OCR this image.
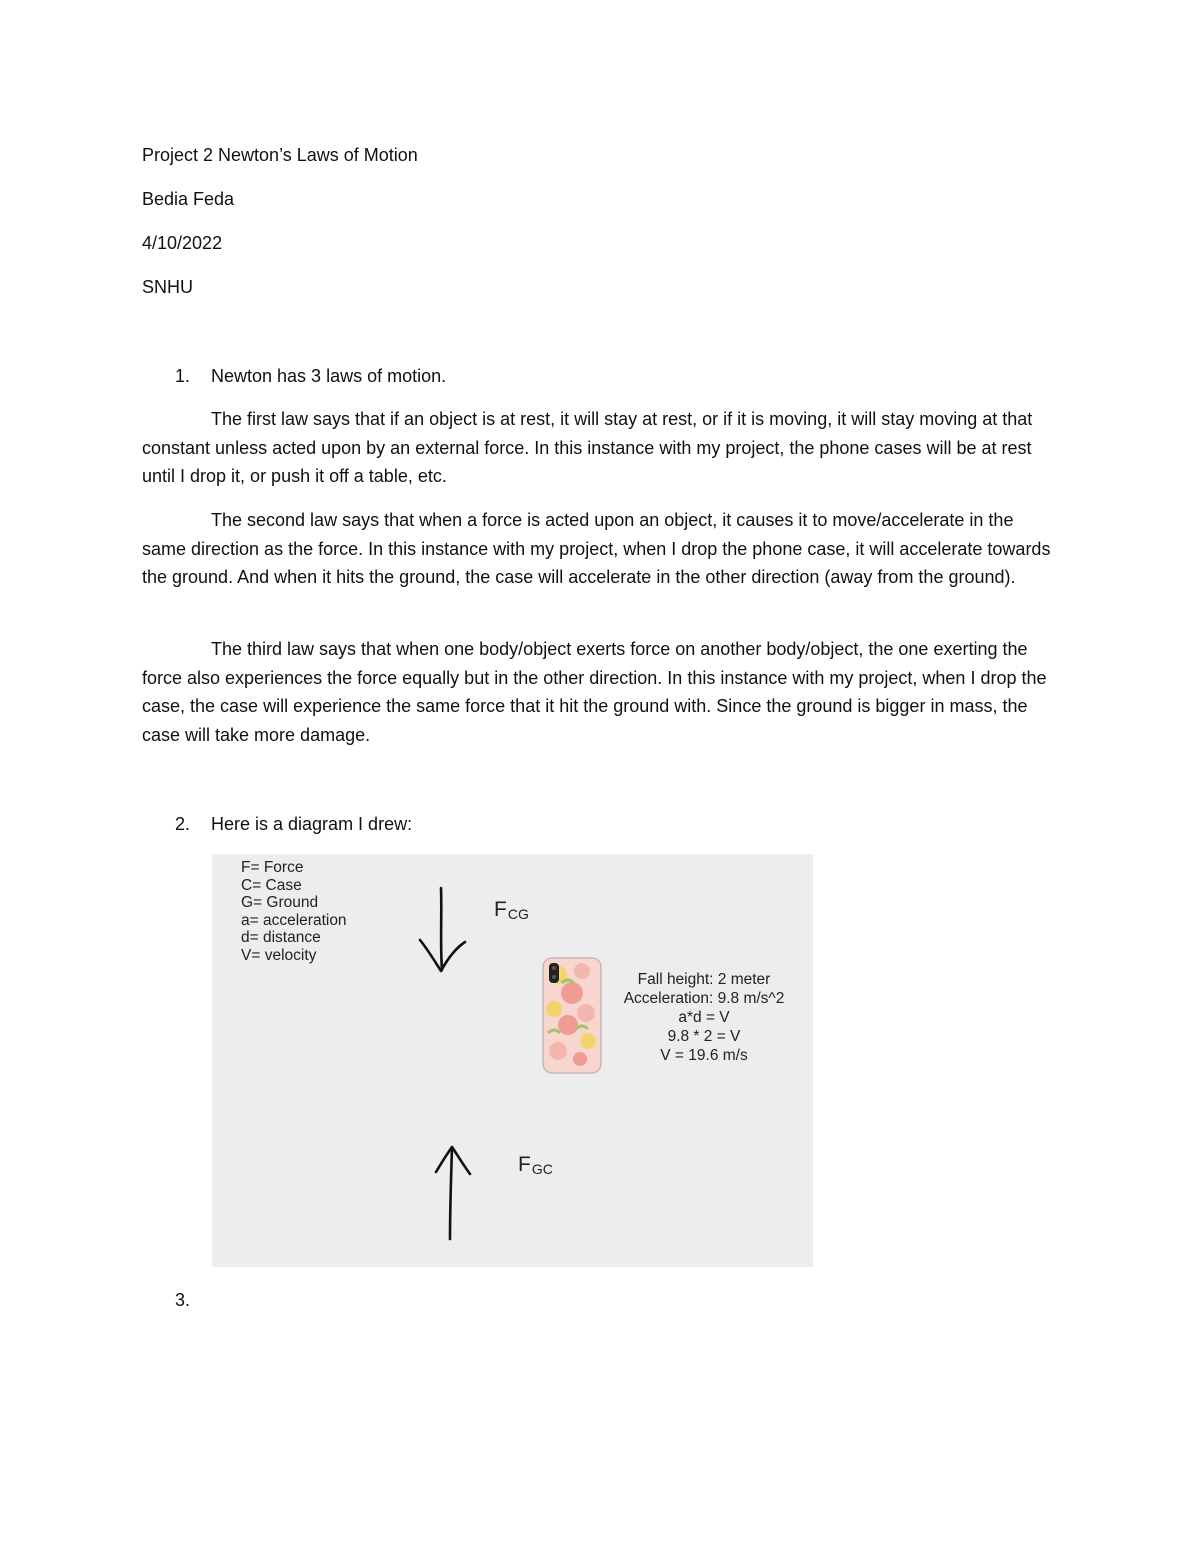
Project 2 Newton’s Laws of Motion
Bedia Feda
4/10/2022
SNHU
1. Newton has 3 laws of motion.

The first law says that if an object is at rest, it will stay at rest, or if it is moving, it will stay moving at that constant unless acted upon by an external force. In this instance with my project, the phone cases will be at rest until I drop it, or push it off a table, etc.

The second law says that when a force is acted upon an object, it causes it to move/accelerate in the same direction as the force. In this instance with my project, when I drop the phone case, it will accelerate towards the ground. And when it hits the ground, the case will accelerate in the other direction (away from the ground).

The third law says that when one body/object exerts force on another body/object, the one exerting the force also experiences the force equally but in the other direction. In this instance with my project, when I drop the case, the case will experience the same force that it hit the ground with. Since the ground is bigger in mass, the case will take more damage.

2. Here is a diagram I drew:
F= Force
C= Case
G= Ground
a= acceleration
d= distance
V= velocity
$F_{CG}$
Fall height: 2 meter
Acceleration: 9.8 m/s^2
a*d = V
9.8 * 2 = V
V = 19.6 m/s
$F_{GC}$
3.
